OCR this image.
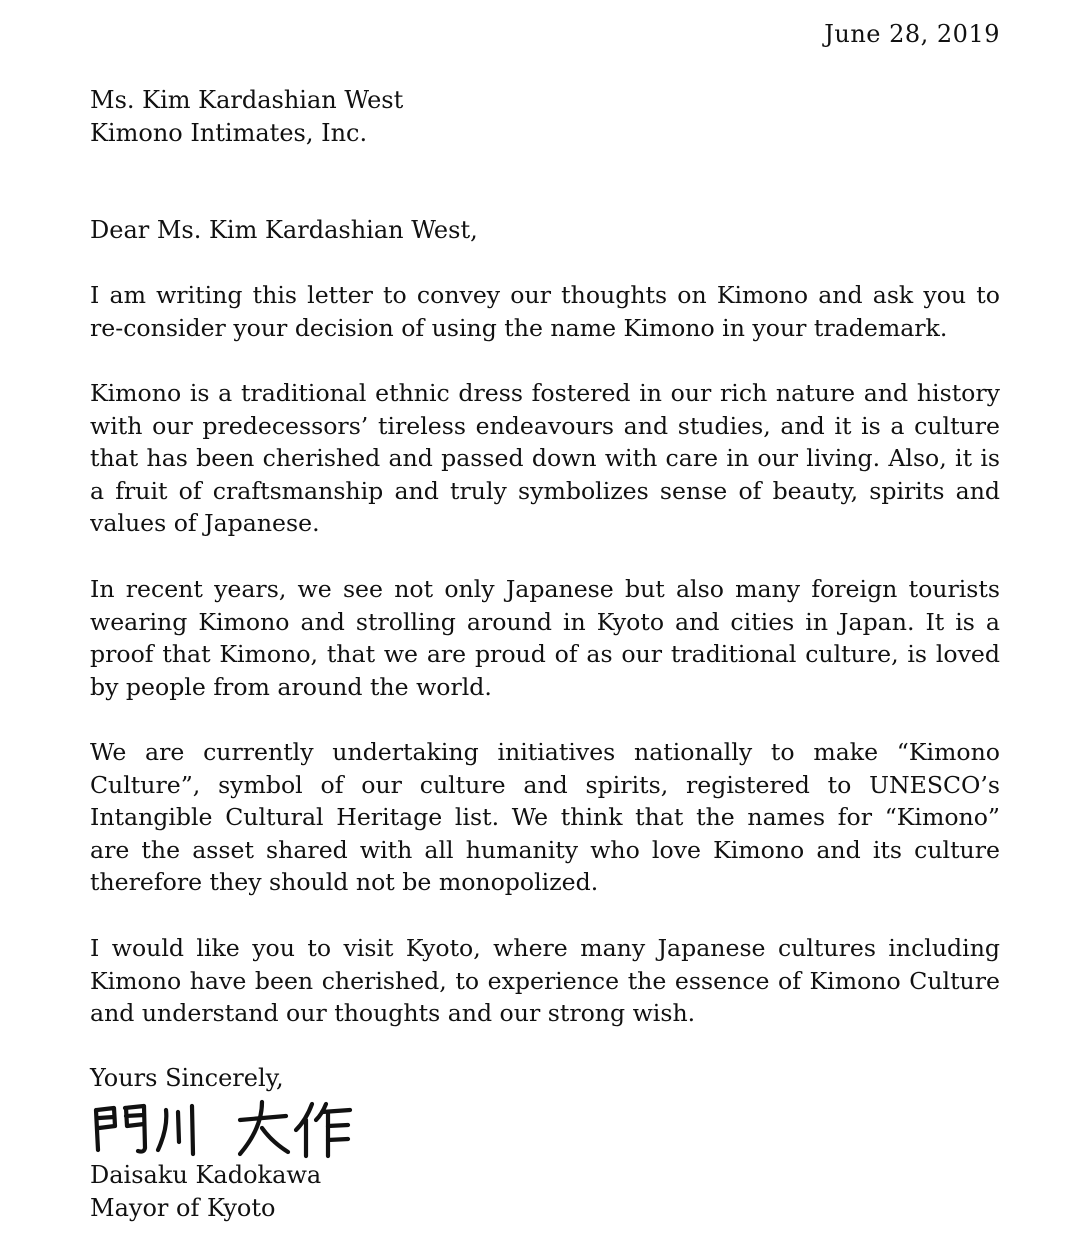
June 28, 2019
Ms. Kim Kardashian West
Kimono Intimates, Inc.
Dear Ms. Kim Kardashian West,
I am writing this letter to convey our thoughts on Kimono and ask you to
re-consider your decision of using the name Kimono in your trademark.
Kimono is a traditional ethnic dress fostered in our rich nature and history
with our predecessors’ tireless endeavours and studies, and it is a culture
that has been cherished and passed down with care in our living. Also, it is
a fruit of craftsmanship and truly symbolizes sense of beauty, spirits and
values of Japanese.
In recent years, we see not only Japanese but also many foreign tourists
wearing Kimono and strolling around in Kyoto and cities in Japan. It is a
proof that Kimono, that we are proud of as our traditional culture, is loved
by people from around the world.
We are currently undertaking initiatives nationally to make “Kimono
Culture”, symbol of our culture and spirits, registered to UNESCO’s
Intangible Cultural Heritage list. We think that the names for “Kimono”
are the asset shared with all humanity who love Kimono and its culture
therefore they should not be monopolized.
I would like you to visit Kyoto, where many Japanese cultures including
Kimono have been cherished, to experience the essence of Kimono Culture
and understand our thoughts and our strong wish.
Yours Sincerely,
Daisaku Kadokawa
Mayor of Kyoto
